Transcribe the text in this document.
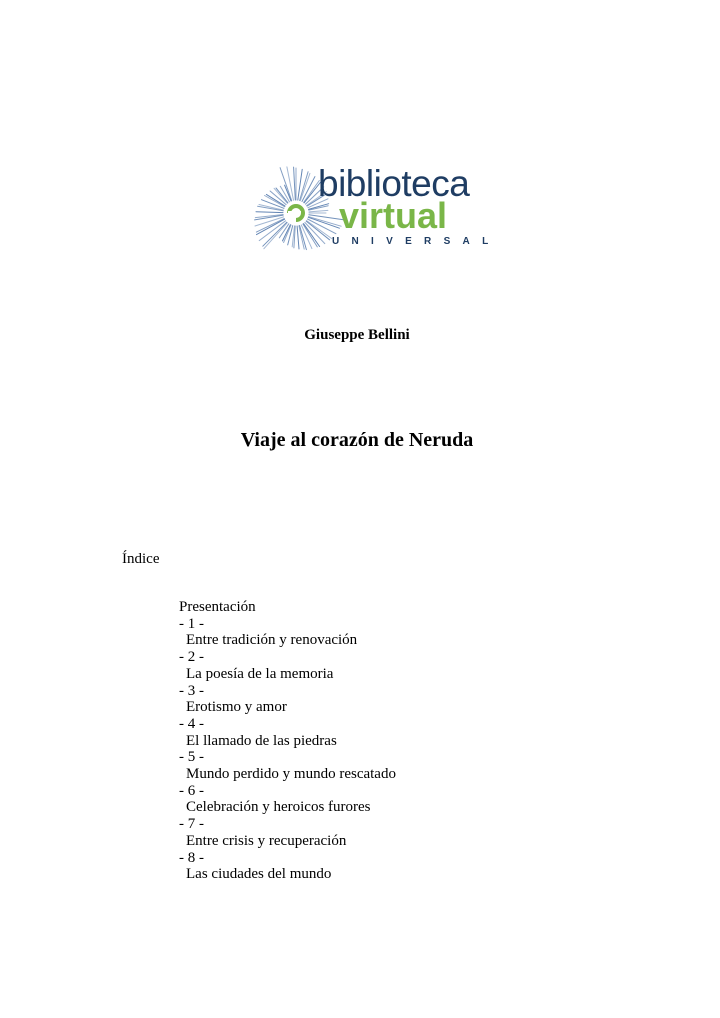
biblioteca
virtual
UNIVERSAL
Giuseppe Bellini
Viaje al corazón de Neruda
Índice
Presentación
- 1 -
Entre tradición y renovación
- 2 -
La poesía de la memoria
- 3 -
Erotismo y amor
- 4 -
El llamado de las piedras
- 5 -
Mundo perdido y mundo rescatado
- 6 -
Celebración y heroicos furores
- 7 -
Entre crisis y recuperación
- 8 -
Las ciudades del mundo
